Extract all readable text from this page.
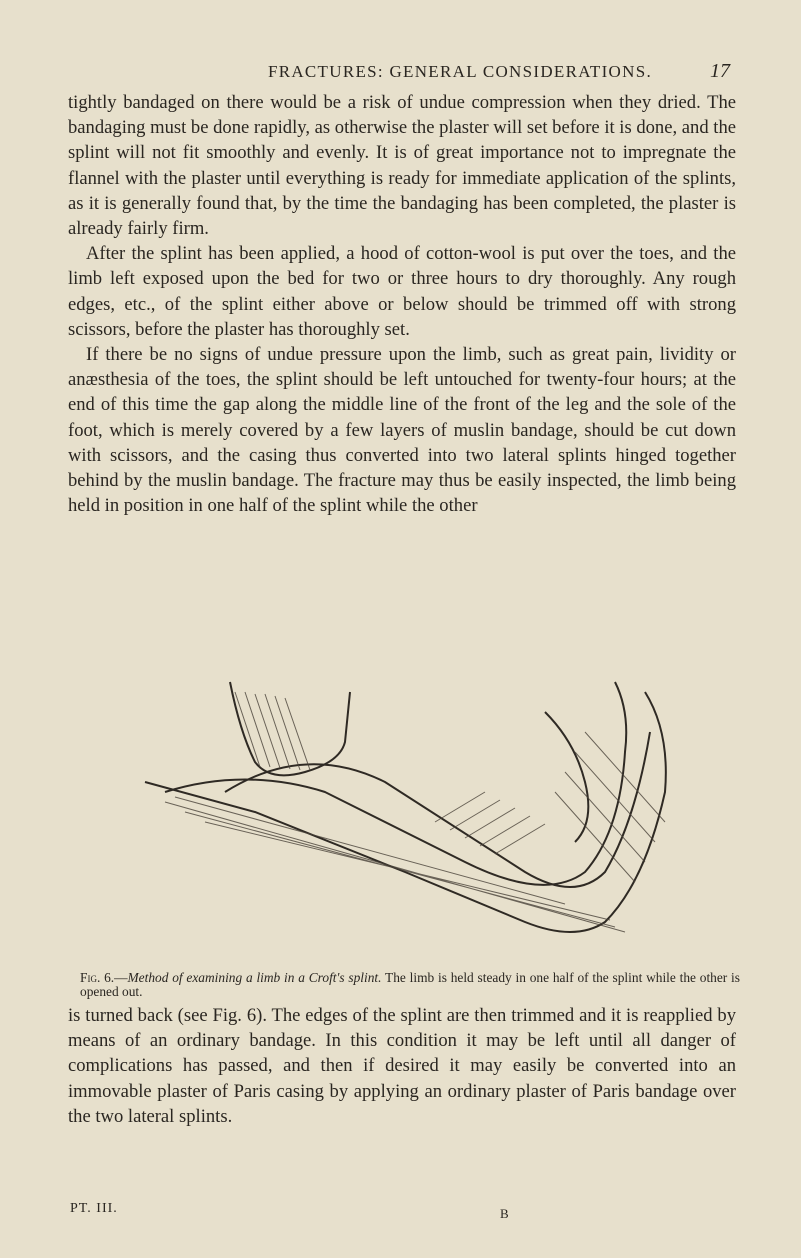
FRACTURES: GENERAL CONSIDERATIONS.	17

tightly bandaged on there would be a risk of undue compression when they dried. The bandaging must be done rapidly, as otherwise the plaster will set before it is done, and the splint will not fit smoothly and evenly. It is of great importance not to impregnate the flannel with the plaster until everything is ready for immediate application of the splints, as it is generally found that, by the time the bandaging has been completed, the plaster is already fairly firm.

After the splint has been applied, a hood of cotton-wool is put over the toes, and the limb left exposed upon the bed for two or three hours to dry thoroughly. Any rough edges, etc., of the splint either above or below should be trimmed off with strong scissors, before the plaster has thoroughly set.

If there be no signs of undue pressure upon the limb, such as great pain, lividity or anæsthesia of the toes, the splint should be left untouched for twenty-four hours; at the end of this time the gap along the middle line of the front of the leg and the sole of the foot, which is merely covered by a few layers of muslin bandage, should be cut down with scissors, and the casing thus converted into two lateral splints hinged together behind by the muslin bandage. The fracture may thus be easily inspected, the limb being held in position in one half of the splint while the other

Fig. 6.—Method of examining a limb in a Croft's splint. The limb is held steady in one half of the splint while the other is opened out.

is turned back (see Fig. 6). The edges of the splint are then trimmed and it is reapplied by means of an ordinary bandage. In this condition it may be left until all danger of complications has passed, and then if desired it may easily be converted into an immovable plaster of Paris casing by applying an ordinary plaster of Paris bandage over the two lateral splints.

PT. III.	B
